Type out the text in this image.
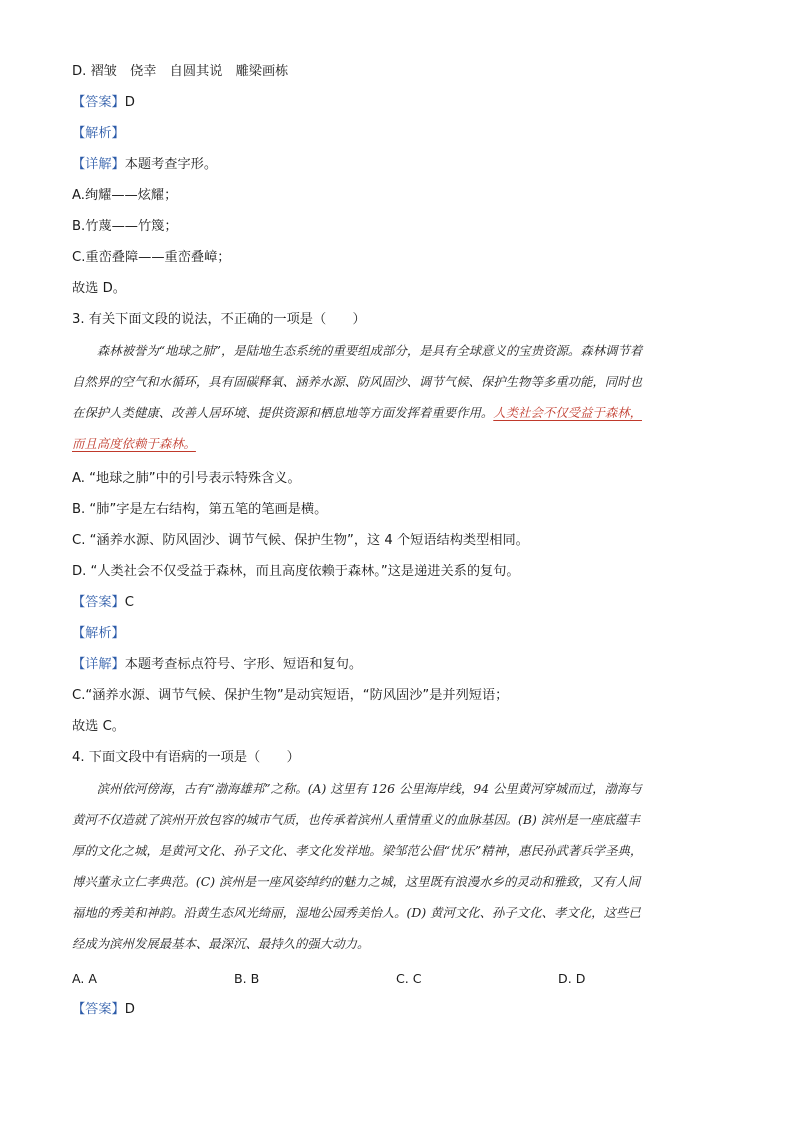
D. 褶皱　侥幸　自圆其说　雕梁画栋
【答案】D
【解析】
【详解】本题考查字形。
A.绚耀——炫耀；
B.竹蔑——竹篾；
C.重峦叠障——重峦叠嶂；
故选 D。
3. 有关下面文段的说法，不正确的一项是（　　）
森林被誉为“地球之肺”，是陆地生态系统的重要组成部分，是具有全球意义的宝贵资源。森林调节着
自然界的空气和水循环，具有固碳释氧、涵养水源、防风固沙、调节气候、保护生物等多重功能，同时也
在保护人类健康、改善人居环境、提供资源和栖息地等方面发挥着重要作用。人类社会不仅受益于森林，
而且高度依赖于森林。
A. “地球之肺”中的引号表示特殊含义。
B. “肺”字是左右结构，第五笔的笔画是横。
C. “涵养水源、防风固沙、调节气候、保护生物”，这 4 个短语结构类型相同。
D. “人类社会不仅受益于森林，而且高度依赖于森林。”这是递进关系的复句。
【答案】C
【解析】
【详解】本题考查标点符号、字形、短语和复句。
C.“涵养水源、调节气候、保护生物”是动宾短语，“防风固沙”是并列短语；
故选 C。
4. 下面文段中有语病的一项是（　　）
滨州依河傍海，古有“渤海雄邦”之称。(A) 这里有 126 公里海岸线，94 公里黄河穿城而过，渤海与
黄河不仅造就了滨州开放包容的城市气质，也传承着滨州人重情重义的血脉基因。(B) 滨州是一座底蕴丰
厚的文化之城，是黄河文化、孙子文化、孝文化发祥地。梁邹范公倡“忧乐”精神，惠民孙武著兵学圣典，
博兴董永立仁孝典范。(C) 滨州是一座风姿绰约的魅力之城，这里既有浪漫水乡的灵动和雅致，又有人间
福地的秀美和神韵。沿黄生态风光绮丽，湿地公园秀美怡人。(D) 黄河文化、孙子文化、孝文化，这些已
经成为滨州发展最基本、最深沉、最持久的强大动力。
A. A	B. B	C. C	D. D
【答案】D
